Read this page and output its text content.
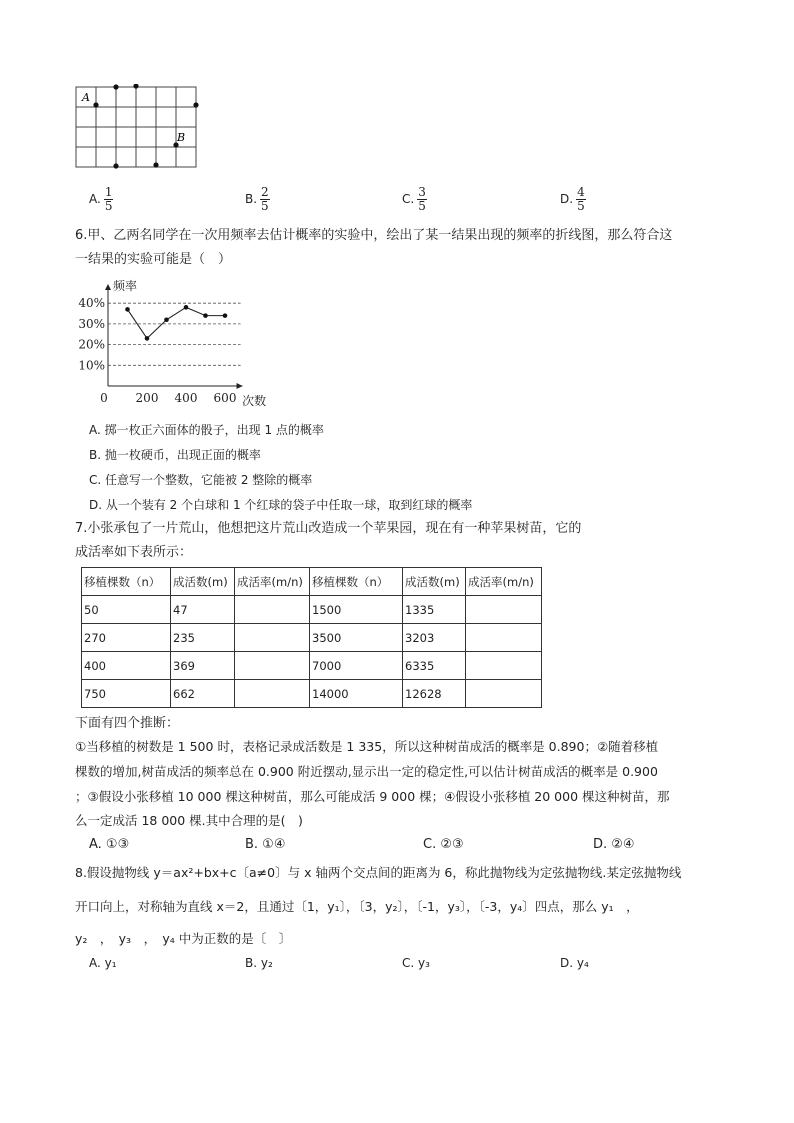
A
B
A. $\frac{1}{5}$	B. $\frac{2}{5}$	C. $\frac{3}{5}$	D. $\frac{4}{5}$
6.甲、乙两名同学在一次用频率去估计概率的实验中，绘出了某一结果出现的频率的折线图，那么符合这
一结果的实验可能是（　）
10%
20%
30%
40%
0 200 400 600
频率
次数
A. 掷一枚正六面体的骰子，出现 1 点的概率
B. 抛一枚硬币，出现正面的概率
C. 任意写一个整数，它能被 2 整除的概率
D. 从一个装有 2 个白球和 1 个红球的袋子中任取一球，取到红球的概率
7.小张承包了一片荒山，他想把这片荒山改造成一个苹果园，现在有一种苹果树苗，它的
成活率如下表所示：
移植棵数（n）	成活数(m)	成活率(m/n)	移植棵数（n）	成活数(m)	成活率(m/n)
50	47		1500	1335	
270	235		3500	3203	
400	369		7000	6335	
750	662		14000	12628	
下面有四个推断：
①当移植的树数是 1 500 时，表格记录成活数是 1 335，所以这种树苗成活的概率是 0.890；②随着移植
棵数的增加,树苗成活的频率总在 0.900 附近摆动,显示出一定的稳定性,可以估计树苗成活的概率是 0.900
；③假设小张移植 10 000 棵这种树苗，那么可能成活 9 000 棵；④假设小张移植 20 000 棵这种树苗，那
么一定成活 18 000 棵.其中合理的是(　)
A. ①③	B. ①④	C. ②③	D. ②④
8.假设抛物线 y＝ax²+bx+c〔a≠0〕与 x 轴两个交点间的距离为 6，称此抛物线为定弦抛物线.某定弦抛物线
开口向上，对称轴为直线 x＝2，且通过〔1，y₁〕，〔3，y₂〕，〔-1，y₃〕，〔-3，y₄〕四点，那么 y₁　，
y₂　，　y₃　，　y₄ 中为正数的是〔　〕
A. y₁	B. y₂	C. y₃	D. y₄
